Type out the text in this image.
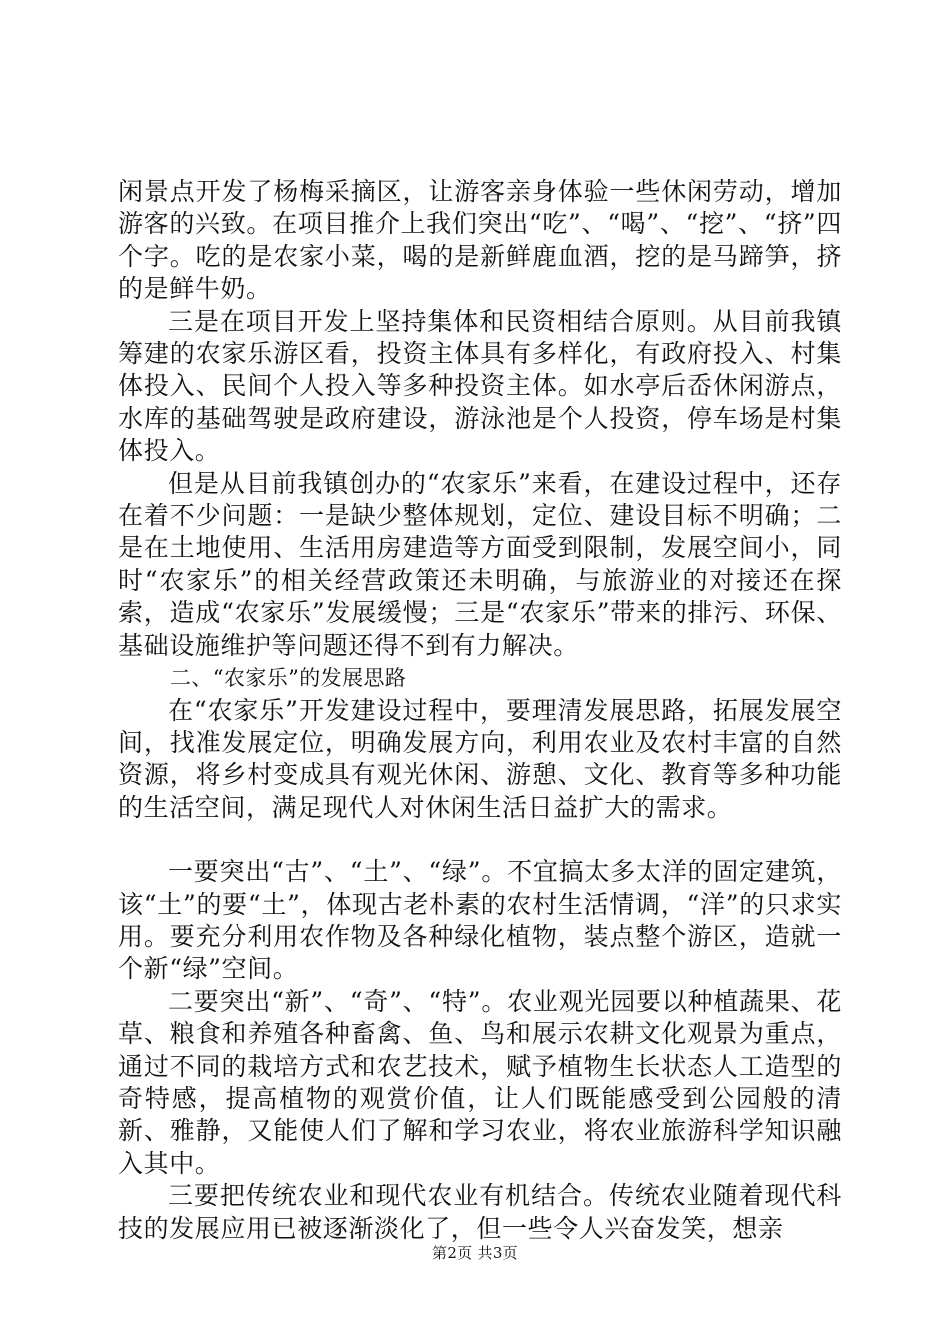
闲景点开发了杨梅采摘区，让游客亲身体验一些休闲劳动，增加游客的兴致。在项目推介上我们突出“吃”、“喝”、“挖”、“挤”四个字。吃的是农家小菜，喝的是新鲜鹿血酒，挖的是马蹄笋，挤的是鲜牛奶。

三是在项目开发上坚持集体和民资相结合原则。从目前我镇筹建的农家乐游区看，投资主体具有多样化，有政府投入、村集体投入、民间个人投入等多种投资主体。如水亭后岙休闲游点，水库的基础驾驶是政府建设，游泳池是个人投资，停车场是村集体投入。

但是从目前我镇创办的“农家乐”来看，在建设过程中，还存在着不少问题：一是缺少整体规划，定位、建设目标不明确；二是在土地使用、生活用房建造等方面受到限制，发展空间小，同时“农家乐”的相关经营政策还未明确，与旅游业的对接还在探索，造成“农家乐”发展缓慢；三是“农家乐”带来的排污、环保、基础设施维护等问题还得不到有力解决。

二、“农家乐”的发展思路

在“农家乐”开发建设过程中，要理清发展思路，拓展发展空间，找准发展定位，明确发展方向，利用农业及农村丰富的自然资源，将乡村变成具有观光休闲、游憩、文化、教育等多种功能的生活空间，满足现代人对休闲生活日益扩大的需求。

一要突出“古”、“土”、“绿”。不宜搞太多太洋的固定建筑，该“土”的要“土”，体现古老朴素的农村生活情调，“洋”的只求实用。要充分利用农作物及各种绿化植物，装点整个游区，造就一个新“绿”空间。

二要突出“新”、“奇”、“特”。农业观光园要以种植蔬果、花草、粮食和养殖各种畜禽、鱼、鸟和展示农耕文化观景为重点，通过不同的栽培方式和农艺技术，赋予植物生长状态人工造型的奇特感，提高植物的观赏价值，让人们既能感受到公园般的清新、雅静，又能使人们了解和学习农业，将农业旅游科学知识融入其中。

三要把传统农业和现代农业有机结合。传统农业随着现代科技的发展应用已被逐渐淡化了，但一些令人兴奋发笑，想亲

第2页 共3页
